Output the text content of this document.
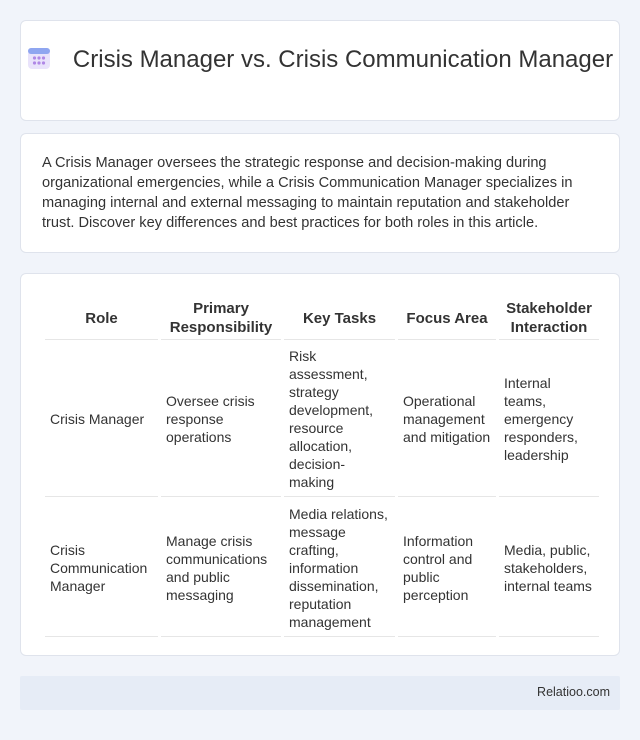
Crisis Manager vs. Crisis Communication Manager

A Crisis Manager oversees the strategic response and decision-making during organizational emergencies, while a Crisis Communication Manager specializes in managing internal and external messaging to maintain reputation and stakeholder trust. Discover key differences and best practices for both roles in this article.

Role	Primary Responsibility	Key Tasks	Focus Area	Stakeholder Interaction
Crisis Manager	Oversee crisis response operations	Risk assessment, strategy development, resource allocation, decision-making	Operational management and mitigation	Internal teams, emergency responders, leadership
Crisis Communication Manager	Manage crisis communications and public messaging	Media relations, message crafting, information dissemination, reputation management	Information control and public perception	Media, public, stakeholders, internal teams
Relatioo.com
